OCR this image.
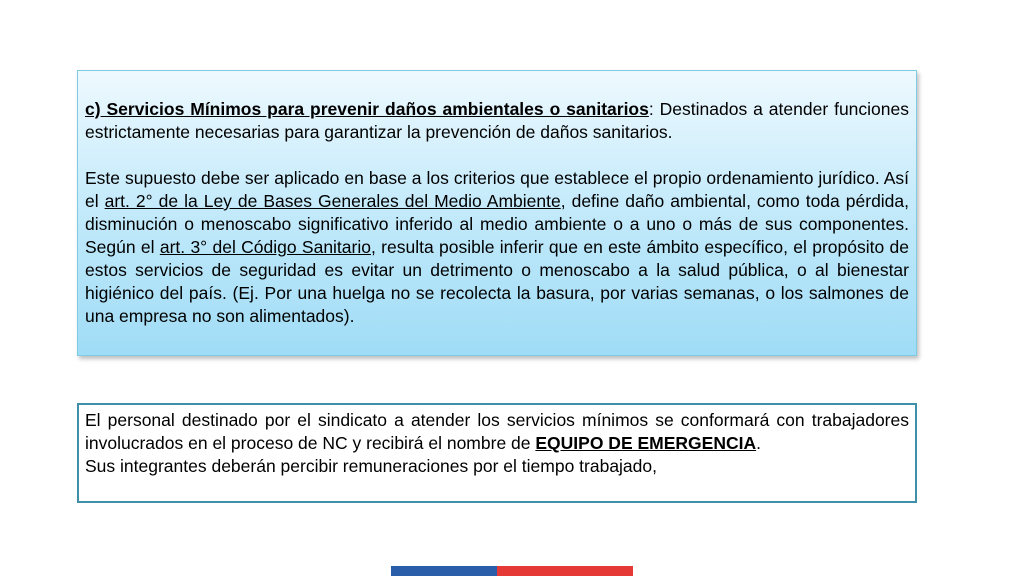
c) Servicios Mínimos para prevenir daños ambientales o sanitarios: Destinados a atender funciones estrictamente necesarias para garantizar la prevención de daños sanitarios.

Este supuesto debe ser aplicado en base a los criterios que establece el propio ordenamiento jurídico. Así el art. 2° de la Ley de Bases Generales del Medio Ambiente, define daño ambiental, como toda pérdida, disminución o menoscabo significativo inferido al medio ambiente o a uno o más de sus componentes. Según el art. 3° del Código Sanitario, resulta posible inferir que en este ámbito específico, el propósito de estos servicios de seguridad es evitar un detrimento o menoscabo a la salud pública, o al bienestar higiénico del país. (Ej. Por una huelga no se recolecta la basura, por varias semanas, o los salmones de una empresa no son alimentados).

El personal destinado por el sindicato a atender los servicios mínimos se conformará con trabajadores involucrados en el proceso de NC y recibirá el nombre de EQUIPO DE EMERGENCIA.

Sus integrantes deberán percibir remuneraciones por el tiempo trabajado,
